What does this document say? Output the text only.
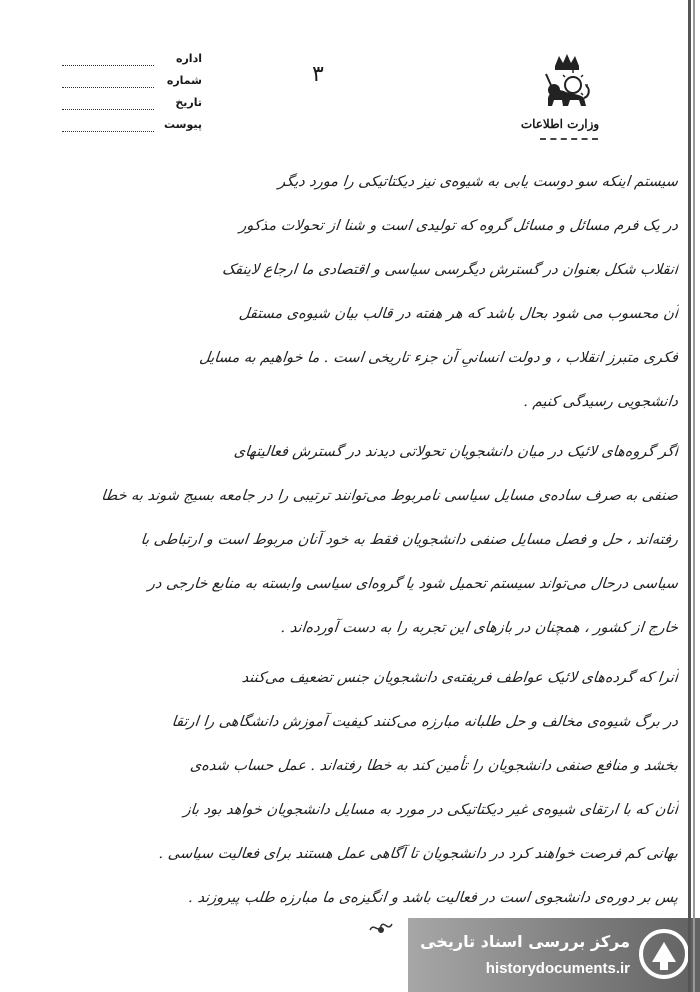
اداره
شماره
تاریخ
پیوست
۳
وزارت اطلاعات
سیستم اینکه سو دوست یابی به شیوه‌ی نیز دیکتاتیکی را مورد دیگر
در یک فرم مسائل و مسائل گروه که تولیدی است و شنا از تحولات مذکور
انقلاب شکل بعنوان در گسترش دیگرسی سیاسی و اقتصادی ما ارجاع لاینقک
آن محسوب می شود بحال باشد که هر هفته در قالب بیان شیوه‌ی مستقل
فکری متبرز انقلاب ، و دولت انسانیِ آن جزء تاریخی است . ما خواهیم به مسایل
دانشجویی رسیدگی کنیم .
اگر گروه‌های لائیک در میان دانشجویان تحولاتی دیدند در گسترش فعالیتهای
صنفی به صرف ساده‌ی مسایل سیاسی نامربوط می‌توانند ترتیبی را در جامعه بسیج شوند به خطا
رفته‌اند ، حل و فصل مسایل صنفی دانشجویان فقط به خود آنان مربوط است و ارتباطی با
سیاسی درحال می‌تواند سیستم تحمیل شود یا گروه‌ای سیاسی وابسته به منابع خارجی در
خارج از کشور ، همچنان در بازهای این تجربه را به دست آورده‌اند .
آنرا که گرده‌های لائیک عواطف فریفته‌ی دانشجویان جنس تضعیف می‌کنند
در برگ شیوه‌ی مخالف و حل طلبانه مبارزه می‌کنند کیفیت آموزش دانشگاهی را ارتقا
بخشد و منافع صنفی دانشجویان را تأمین کند به خطا رفته‌اند . عمل حساب شده‌ی
آنان که با ارتقای شیوه‌ی غیر دیکتاتیکی در مورد به مسایل دانشجویان خواهد بود باز
بهانی کم فرصت خواهند کرد در دانشجویان تا آگاهی عمل هستند برای فعالیت سیاسی .
پس بر دوره‌ی دانشجوی است در فعالیت باشد و انگیزه‌ی ما مبارزه طلب پیروزند .
مرکز بررسی اسناد تاریخی
historydocuments.ir
